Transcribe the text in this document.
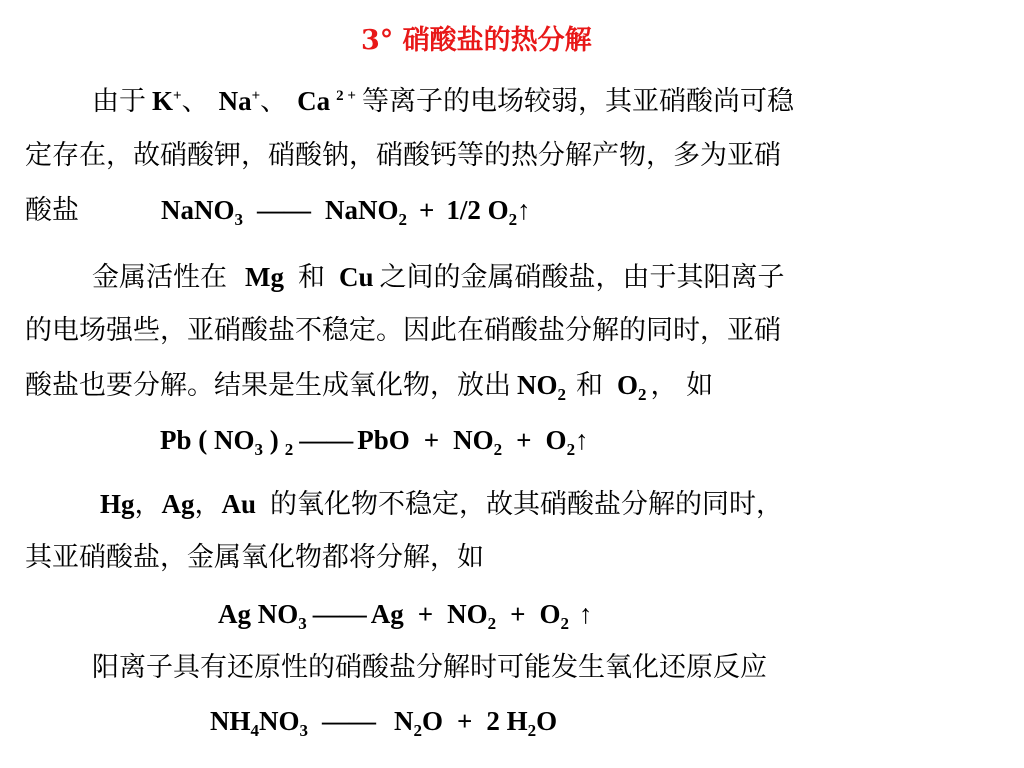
3° 硝酸盐的热分解
由于 K+、 Na+、 Ca $^{2 +}$ 等离子的电场较弱，其亚硝酸尚可稳
定存在，故硝酸钾，硝酸钠，硝酸钙等的热分解产物，多为亚硝
酸盐	NaNO$_3$ —— NaNO$_2$ + 1/2 $O_2↑$
金属活性在 Mg 和 Cu 之间的金属硝酸盐，由于其阳离子
的电场强些，亚硝酸盐不稳定。因此在硝酸盐分解的同时，亚硝
酸盐也要分解。结果是生成氧化物，放出 $NO_2$ 和 $O_2$ ， 如
Pb ( $NO_3$ ) $_2$ —— PbO + $NO_2$ + $O_2↑$
Hg，Ag，Au 的氧化物不稳定，故其硝酸盐分解的同时，
其亚硝酸盐，金属氧化物都将分解，如
Ag $NO_3$ —— $Ag + NO_2 + O_2$ ↑
阳离子具有还原性的硝酸盐分解时可能发生氧化还原反应
$NH_4NO_3$ —— $N_2O + 2$ $H_2O$
